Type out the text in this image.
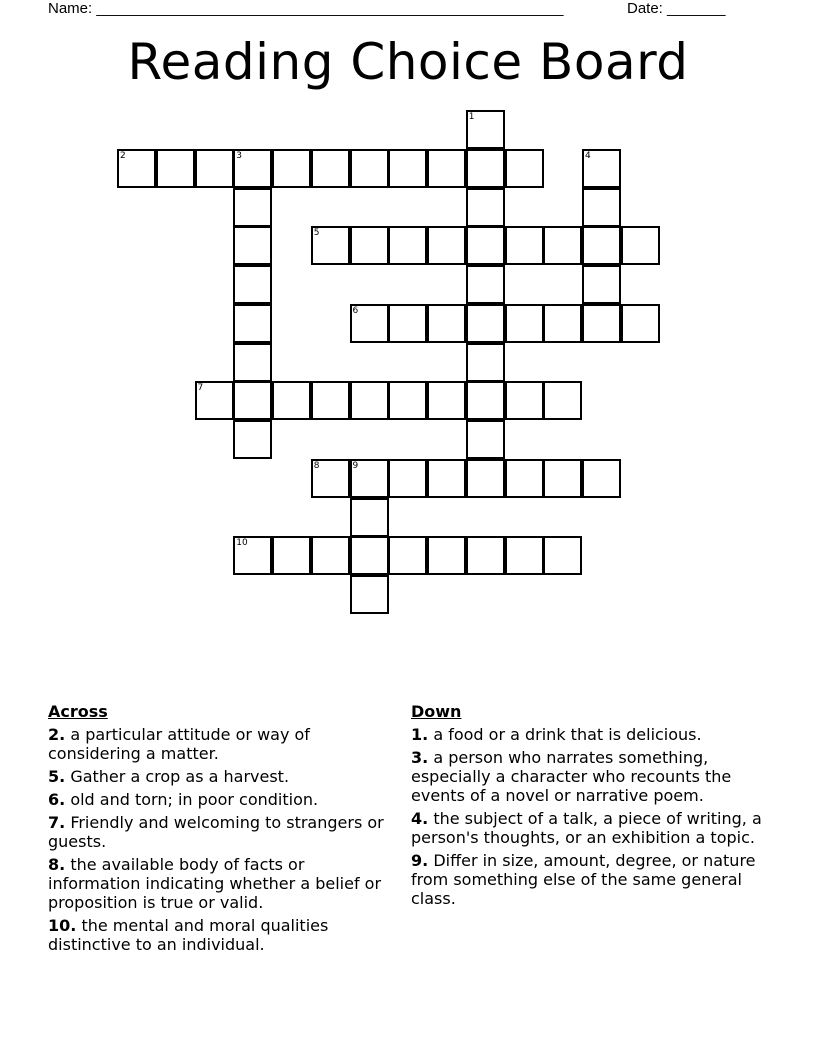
Name: ________________________________________________________	Date: _______
Reading Choice Board
1
2	3	4
5
6
7
8	9
10
Across
2. a particular attitude or way of considering a matter.
5. Gather a crop as a harvest.
6. old and torn; in poor condition.
7. Friendly and welcoming to strangers or guests.
8. the available body of facts or information indicating whether a belief or proposition is true or valid.
10. the mental and moral qualities distinctive to an individual.
Down
1. a food or a drink that is delicious.
3. a person who narrates something, especially a character who recounts the events of a novel or narrative poem.
4. the subject of a talk, a piece of writing, a person's thoughts, or an exhibition a topic.
9. Differ in size, amount, degree, or nature from something else of the same general class.
